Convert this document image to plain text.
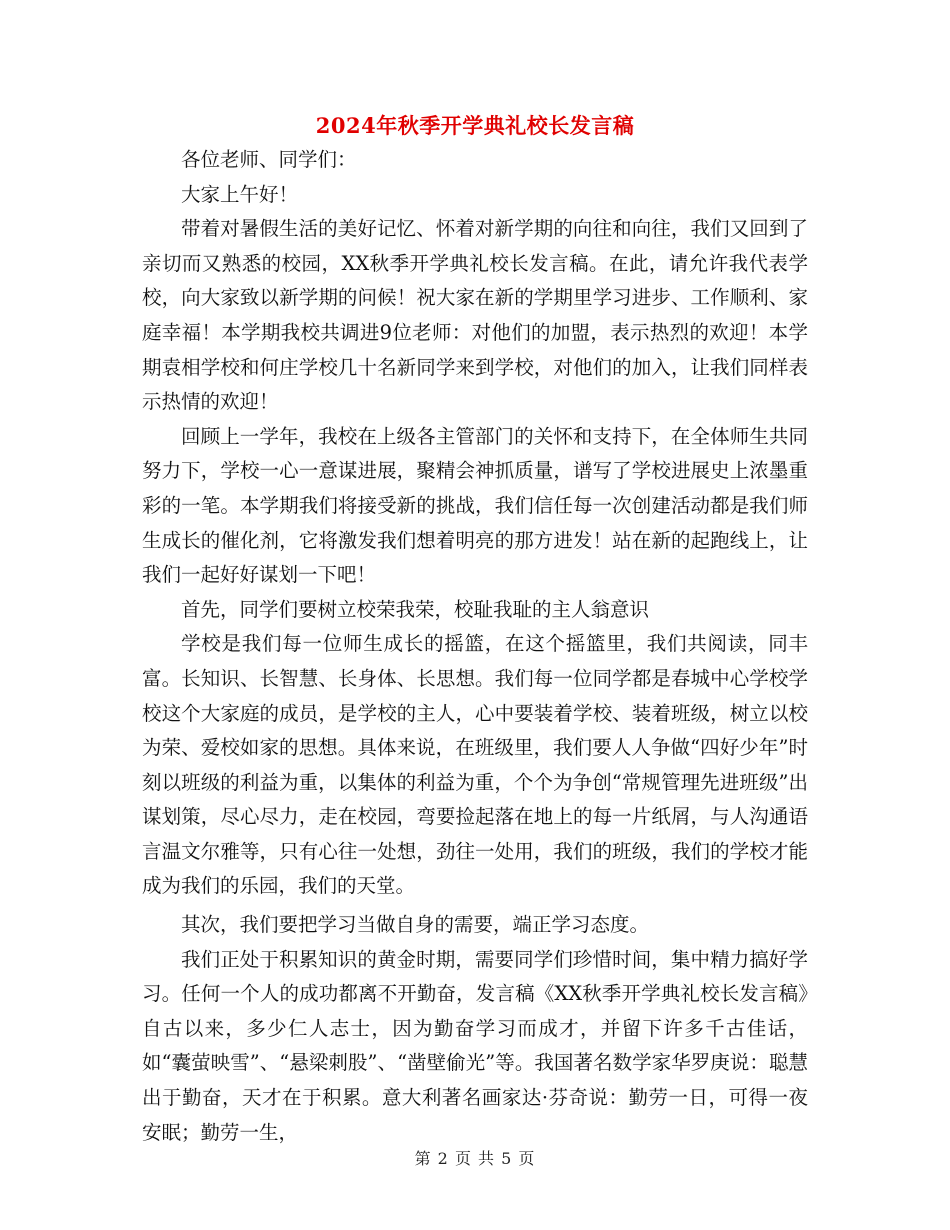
2024年秋季开学典礼校长发言稿

各位老师、同学们：

大家上午好！

带着对暑假生活的美好记忆、怀着对新学期的向往和向往，我们又回到了亲切而又熟悉的校园，XX秋季开学典礼校长发言稿。在此，请允许我代表学校，向大家致以新学期的问候！祝大家在新的学期里学习进步、工作顺利、家庭幸福！本学期我校共调进9位老师：对他们的加盟，表示热烈的欢迎！本学期袁相学校和何庄学校几十名新同学来到学校，对他们的加入，让我们同样表示热情的欢迎！

回顾上一学年，我校在上级各主管部门的关怀和支持下，在全体师生共同努力下，学校一心一意谋进展，聚精会神抓质量，谱写了学校进展史上浓墨重彩的一笔。本学期我们将接受新的挑战，我们信任每一次创建活动都是我们师生成长的催化剂，它将激发我们想着明亮的那方进发！站在新的起跑线上，让我们一起好好谋划一下吧！

首先，同学们要树立校荣我荣，校耻我耻的主人翁意识

学校是我们每一位师生成长的摇篮，在这个摇篮里，我们共阅读，同丰富。长知识、长智慧、长身体、长思想。我们每一位同学都是春城中心学校学校这个大家庭的成员，是学校的主人，心中要装着学校、装着班级，树立以校为荣、爱校如家的思想。具体来说，在班级里，我们要人人争做“四好少年”时刻以班级的利益为重，以集体的利益为重，个个为争创“常规管理先进班级”出谋划策，尽心尽力，走在校园，弯要捡起落在地上的每一片纸屑，与人沟通语言温文尔雅等，只有心往一处想，劲往一处用，我们的班级，我们的学校才能成为我们的乐园，我们的天堂。

其次，我们要把学习当做自身的需要，端正学习态度。

我们正处于积累知识的黄金时期，需要同学们珍惜时间，集中精力搞好学习。任何一个人的成功都离不开勤奋，发言稿《XX秋季开学典礼校长发言稿》自古以来，多少仁人志士，因为勤奋学习而成才，并留下许多千古佳话，如“囊萤映雪”、“悬梁刺股”、“凿壁偷光”等。我国著名数学家华罗庚说：聪慧出于勤奋，天才在于积累。意大利著名画家达·芬奇说：勤劳一日，可得一夜安眠；勤劳一生，

第 2 页 共 5 页
